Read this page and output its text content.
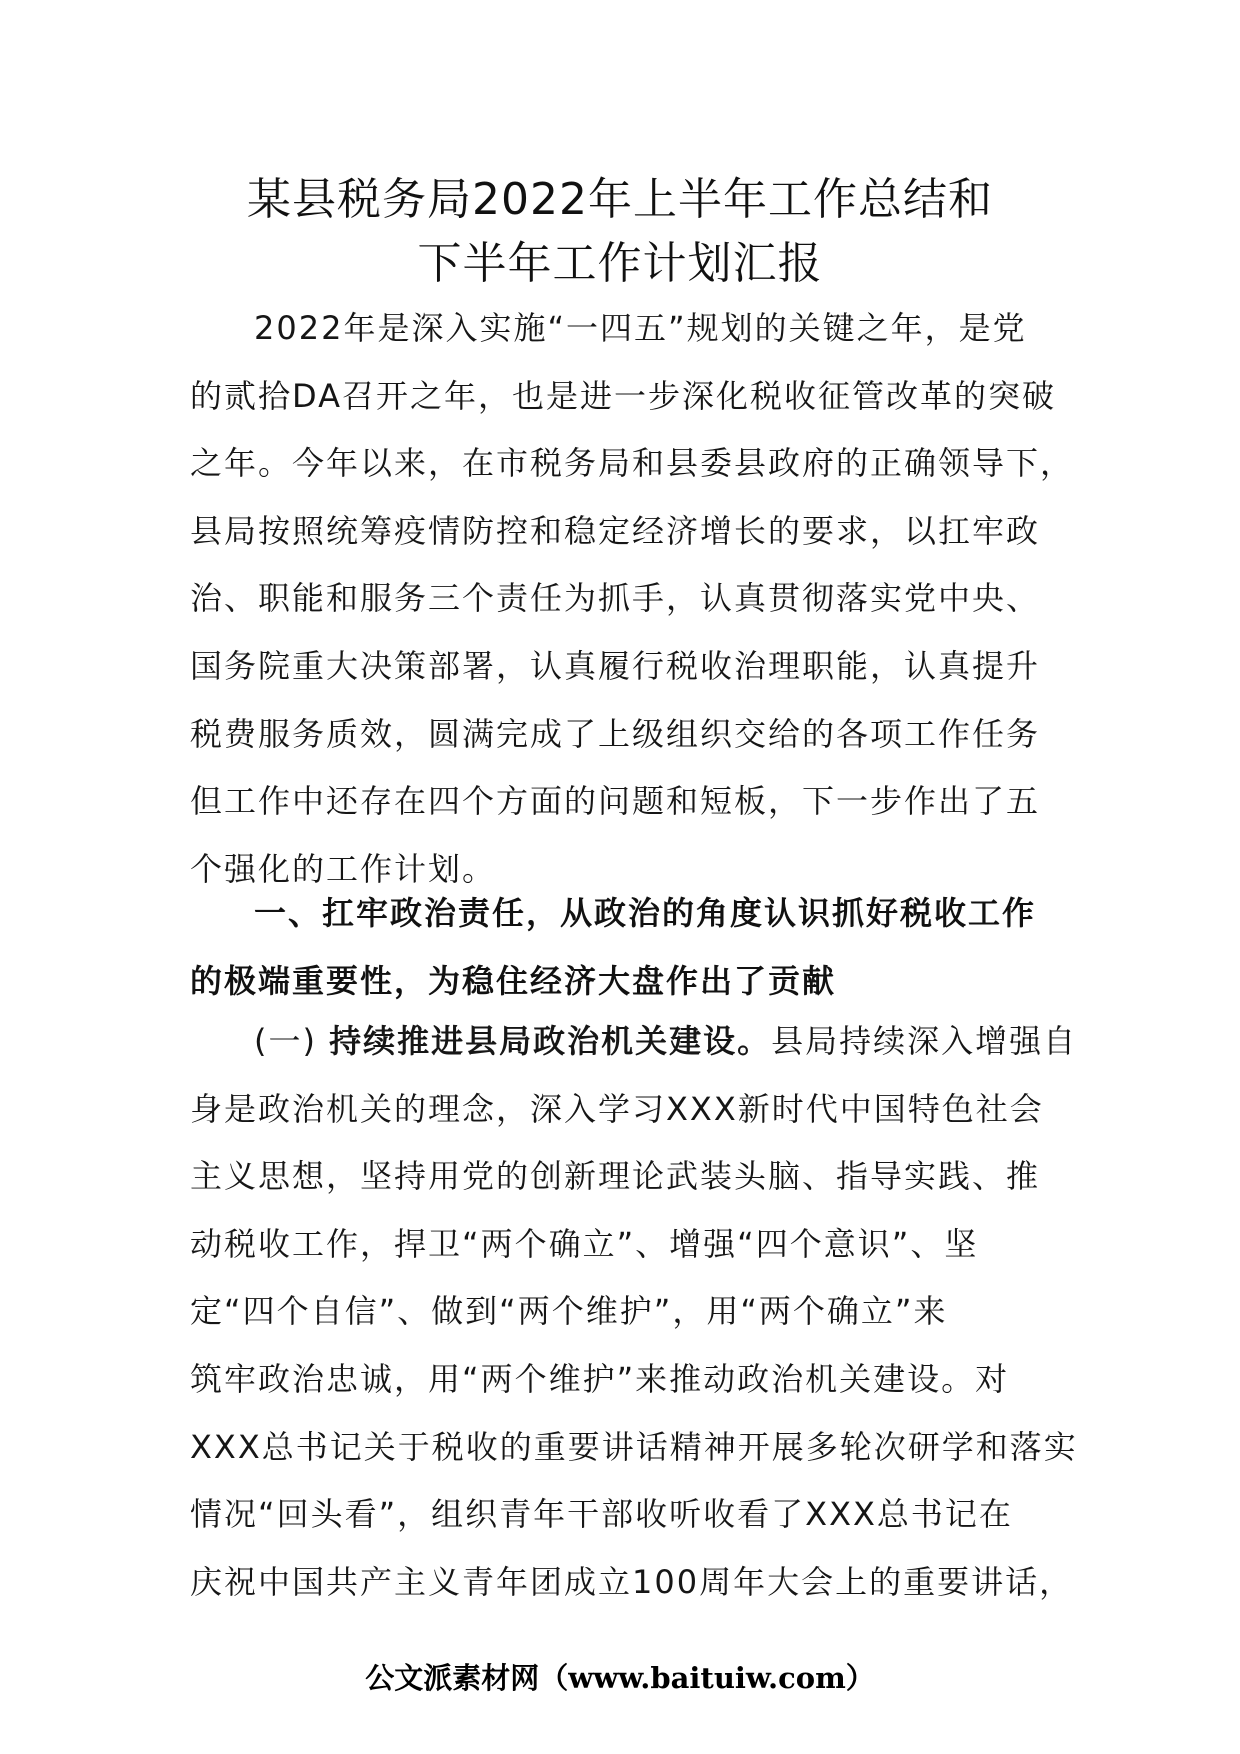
某县税务局2022年上半年工作总结和
下半年工作计划汇报
2022年是深入实施“一四五”规划的关键之年，是党
的贰拾DA召开之年，也是进一步深化税收征管改革的突破
之年。今年以来，在市税务局和县委县政府的正确领导下，
县局按照统筹疫情防控和稳定经济增长的要求，以扛牢政
治、职能和服务三个责任为抓手，认真贯彻落实党中央、
国务院重大决策部署，认真履行税收治理职能，认真提升
税费服务质效，圆满完成了上级组织交给的各项工作任务
但工作中还存在四个方面的问题和短板，下一步作出了五
个强化的工作计划。
一、扛牢政治责任，从政治的角度认识抓好税收工作
的极端重要性，为稳住经济大盘作出了贡献
(一) 持续推进县局政治机关建设。县局持续深入增强自
身是政治机关的理念，深入学习XXX新时代中国特色社会
主义思想，坚持用党的创新理论武装头脑、指导实践、推
动税收工作，捍卫“两个确立”、增强“四个意识”、坚
定“四个自信”、做到“两个维护”，用“两个确立”来
筑牢政治忠诚，用“两个维护”来推动政治机关建设。对
XXX总书记关于税收的重要讲话精神开展多轮次研学和落实
情况“回头看”，组织青年干部收听收看了XXX总书记在
庆祝中国共产主义青年团成立100周年大会上的重要讲话，
公文派素材网（www.baituiw.com）
